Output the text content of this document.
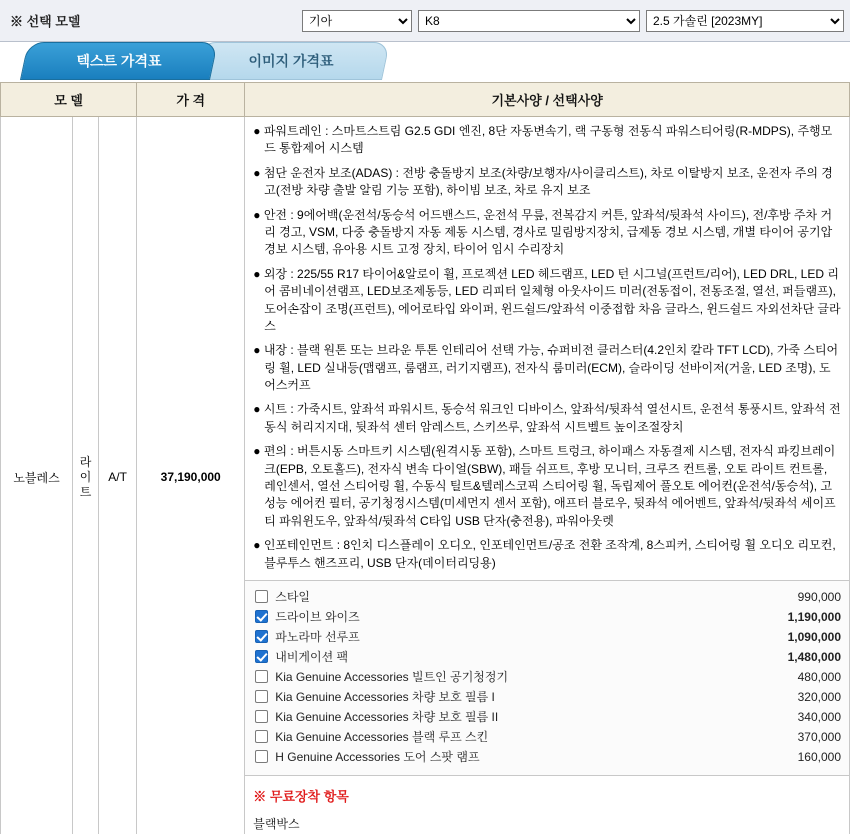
※ 선택 모델
기아
K8
2.5 가솔린 [2023MY]
텍스트 가격표	이미지 가격표
모 델			가 격	기본사양 / 선택사양
노블레스	라이트	A/T	37,190,000	

● 파워트레인 : 스마트스트림 G2.5 GDI 엔진, 8단 자동변속기, 랙 구동형 전동식 파워스티어링(R-MDPS), 주행모드 통합제어 시스템

● 첨단 운전자 보조(ADAS) : 전방 충돌방지 보조(차량/보행자/사이클리스트), 차로 이탈방지 보조, 운전자 주의 경고(전방 차량 출발 알림 기능 포함), 하이빔 보조, 차로 유지 보조

● 안전 : 9에어백(운전석/동승석 어드밴스드, 운전석 무릎, 전복감지 커튼, 앞좌석/뒷좌석 사이드), 전/후방 주차 거리 경고, VSM, 다중 충돌방지 자동 제동 시스템, 경사로 밀림방지장치, 급제동 경보 시스템, 개별 타이어 공기압 경보 시스템, 유아용 시트 고정 장치, 타이어 임시 수리장치

● 외장 : 225/55 R17 타이어&알로이 휠, 프로젝션 LED 헤드램프, LED 턴 시그널(프런트/리어), LED DRL, LED 리어 콤비네이션램프, LED보조제동등, LED 리피터 일체형 아웃사이드 미러(전동접이, 전동조절, 열선, 퍼들램프), 도어손잡이 조명(프런트), 에어로타입 와이퍼, 윈드쉴드/앞좌석 이중접합 차음 글라스, 윈드쉴드 자외선차단 글라스

● 내장 : 블랙 원톤 또는 브라운 투톤 인테리어 선택 가능, 슈퍼비전 클러스터(4.2인치 칼라 TFT LCD), 가죽 스티어링 휠, LED 실내등(맵램프, 룸램프, 러기지램프), 전자식 룸미러(ECM), 슬라이딩 선바이저(거울, LED 조명), 도어스커프

● 시트 : 가죽시트, 앞좌석 파워시트, 동승석 워크인 디바이스, 앞좌석/뒷좌석 열선시트, 운전석 통풍시트, 앞좌석 전동식 허리지지대, 뒷좌석 센터 암레스트, 스키쓰루, 앞좌석 시트벨트 높이조절장치

● 편의 : 버튼시동 스마트키 시스템(원격시동 포함), 스마트 트렁크, 하이패스 자동결제 시스템, 전자식 파킹브레이크(EPB, 오토홀드), 전자식 변속 다이얼(SBW), 패들 쉬프트, 후방 모니터, 크루즈 컨트롤, 오토 라이트 컨트롤, 레인센서, 열선 스티어링 휠, 수동식 틸트&텔레스코픽 스티어링 휠, 독립제어 풀오토 에어컨(운전석/동승석), 고성능 에어컨 필터, 공기청정시스템(미세먼지 센서 포함), 애프터 블로우, 뒷좌석 에어벤트, 앞좌석/뒷좌석 세이프티 파워윈도우, 앞좌석/뒷좌석 C타입 USB 단자(충전용), 파워아웃렛

● 인포테인먼트 : 8인치 디스플레이 오디오, 인포테인먼트/공조 전환 조작계, 8스피커, 스티어링 휠 오디오 리모컨, 블루투스 핸즈프리, USB 단자(데이터리딩용)

스타일	990,000
드라이브 와이즈	1,190,000
파노라마 선루프	1,090,000
내비게이션 팩	1,480,000
Kia Genuine Accessories 빌트인 공기청정기	480,000
Kia Genuine Accessories 차량 보호 필름 I	320,000
Kia Genuine Accessories 차량 보호 필름 II	340,000
Kia Genuine Accessories 블랙 루프 스킨	370,000
H Genuine Accessories 도어 스팟 램프	160,000
※ 무료장착 항목
블랙박스
